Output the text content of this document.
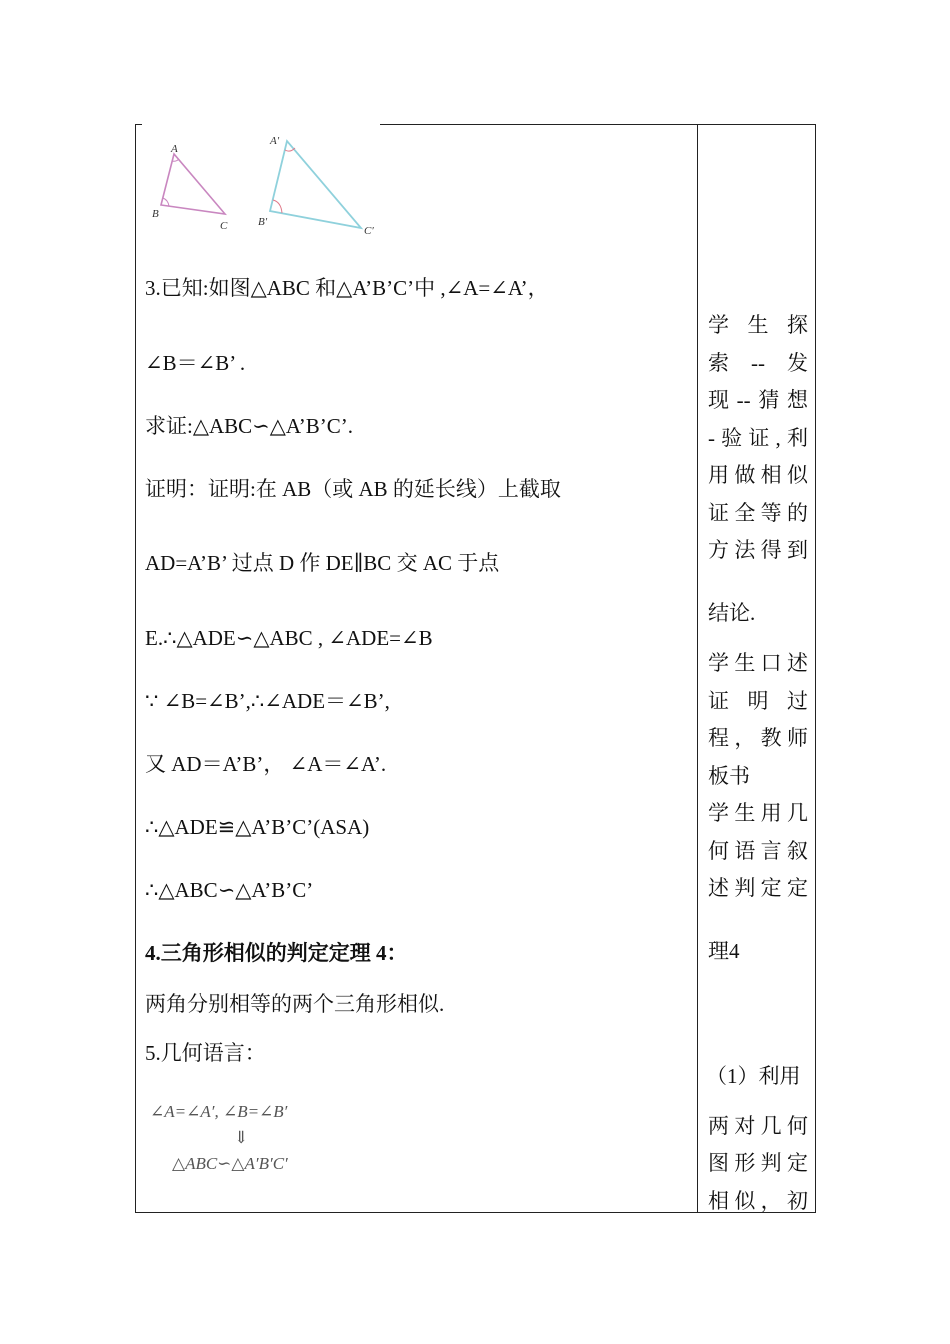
A
B
C
A′
B′
C′
3.已知:如图△ABC 和△A’B’C’中 ,∠A=∠A’，
∠B＝∠B’ .
求证:△ABC∽△A’B’C’.
证明：证明:在 AB（或 AB 的延长线）上截取
AD=A’B’ 过点 D 作 DE∥BC 交 AC 于点
E.∴△ADE∽△ABC , ∠ADE=∠B
∵ ∠B=∠B’,∴∠ADE＝∠B’,
又 AD＝A’B’， ∠A＝∠A’.
∴△ADE≌△A’B’C’(ASA)
∴△ABC∽△A’B’C’
4.三角形相似的判定定理 4：
两角分别相等的两个三角形相似.
5.几何语言：
∠A=∠A′, ∠B=∠B′
⇓
△ABC∽△A′B′C′
学生探
索--发
现--猜想
-验证,利
用做相似
证全等的
方法得到
结论.
学生口述
证明过
程，教师
板书
学生用几
何语言叙
述判定定
理4
（1）利用
两对几何
图形判定
相似，初
